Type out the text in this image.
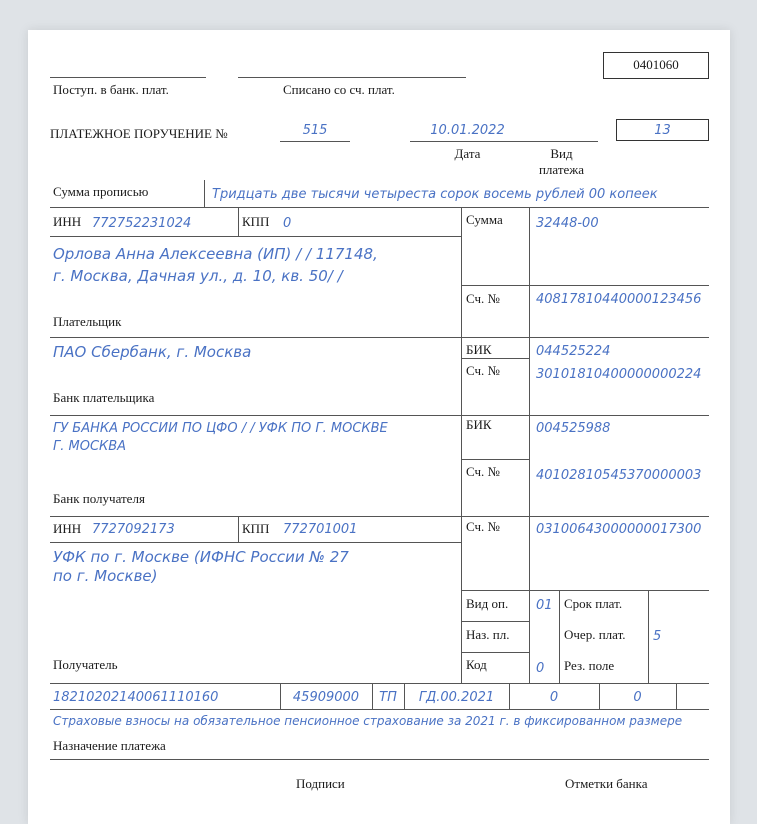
0401060
Поступ. в банк. плат.	Списано со сч. плат.
ПЛАТЕЖНОЕ ПОРУЧЕНИЕ №	515	10.01.2022
Дата	Вид
платежа
13
Сумма прописью	Тридцать две тысячи четыреста сорок восемь рублей 00 копеек
ИНН 772752231024	КПП 0
Орлова Анна Алексеевна (ИП) / / 117148,
г. Москва, Дачная ул., д. 10, кв. 50/ /
Плательщик
Сумма	32448-00
Сч. №	40817810440000123456
ПАО Сбербанк, г. Москва
Банк плательщика
БИК	044525224
Сч. №	30101810400000000224
ГУ БАНКА РОССИИ ПО ЦФО / / УФК ПО Г. МОСКВЕ
Г. МОСКВА
Банк получателя
БИК	004525988
Сч. №	40102810545370000003
ИНН 7727092173	КПП 772701001
УФК по г. Москве (ИФНС России № 27
по г. Москве)
Получатель
Сч. №	03100643000000017300
Вид оп. 01
Наз. пл.
Код	0
Срок плат.
Очер. плат. 5
Рез. поле
18210202140061110160	45909000	ТП	ГД.00.2021	0	0
Страховые взносы на обязательное пенсионное страхование за 2021 г. в фиксированном размере
Назначение платежа
Подписи	Отметки банка
